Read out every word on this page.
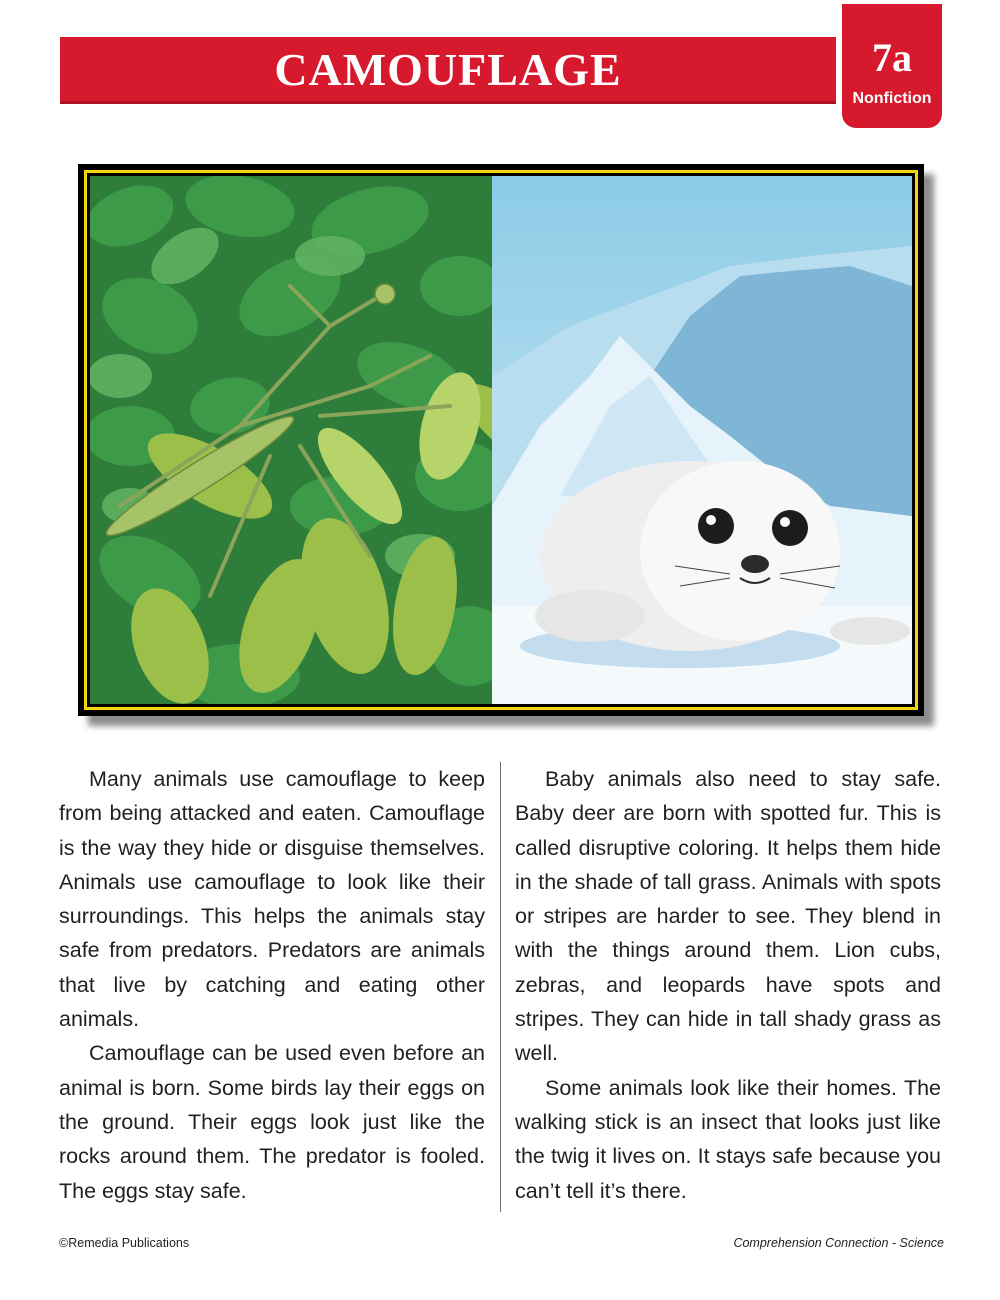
CAMOUFLAGE	7a
Nonfiction

Many animals use camouflage to keep from being attacked and eaten. Camouflage is the way they hide or disguise themselves. Animals use camouflage to look like their surroundings. This helps the animals stay safe from predators. Predators are animals that live by catching and eating other animals.

Camouflage can be used even before an animal is born. Some birds lay their eggs on the ground. Their eggs look just like the rocks around them. The predator is fooled. The eggs stay safe.

Baby animals also need to stay safe. Baby deer are born with spotted fur. This is called disruptive coloring. It helps them hide in the shade of tall grass. Animals with spots or stripes are harder to see. They blend in with the things around them. Lion cubs, zebras, and leopards have spots and stripes. They can hide in tall shady grass as well.

Some animals look like their homes. The walking stick is an insect that looks just like the twig it lives on. It stays safe because you can’t tell it’s there.

©Remedia Publications	Comprehension Connection - Science
